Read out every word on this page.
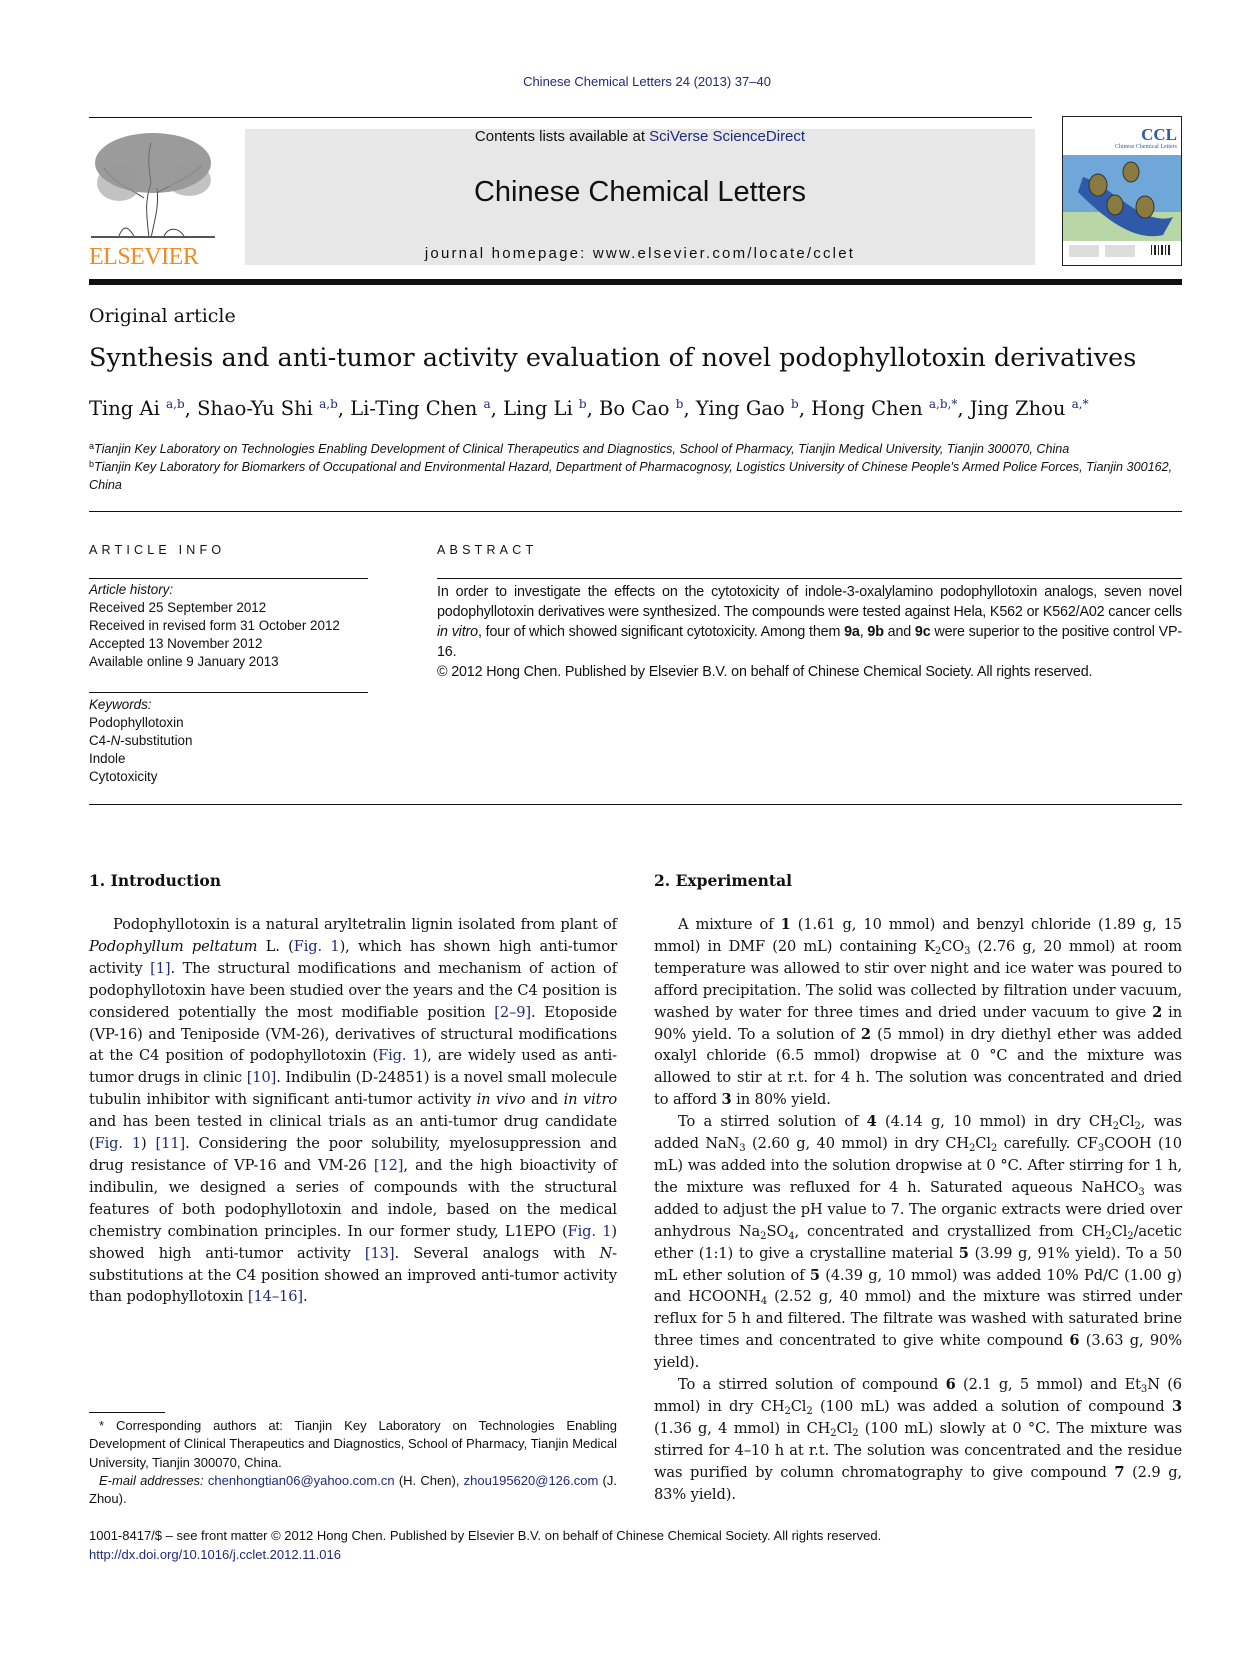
Chinese Chemical Letters 24 (2013) 37–40
ELSEVIER
Contents lists available at SciVerse ScienceDirect
Chinese Chemical Letters
journal homepage: www.elsevier.com/locate/cclet
CCL
Chinese Chemical Letters
Original article
Synthesis and anti-tumor activity evaluation of novel podophyllotoxin derivatives
Ting Ai $^{a,b}$, Shao-Yu Shi $^{a,b}$, Li-Ting Chen $^a$, Ling Li $^b$, Bo Cao $^b$, Ying Gao $^b$, Hong Chen $^{a,b,*}$, Jing Zhou $^{a,*}$
$^a$Tianjin Key Laboratory on Technologies Enabling Development of Clinical Therapeutics and Diagnostics, School of Pharmacy, Tianjin Medical University, Tianjin 300070, China
$^b$Tianjin Key Laboratory for Biomarkers of Occupational and Environmental Hazard, Department of Pharmacognosy, Logistics University of Chinese People's Armed Police Forces, Tianjin 300162, China
ARTICLE INFO	ABSTRACT
Article history:
Received 25 September 2012
Received in revised form 31 October 2012
Accepted 13 November 2012
Available online 9 January 2013
Keywords:
Podophyllotoxin
C4-N-substitution
Indole
Cytotoxicity
In order to investigate the effects on the cytotoxicity of indole-3-oxalylamino podophyllotoxin analogs, seven novel podophyllotoxin derivatives were synthesized. The compounds were tested against Hela, K562 or K562/A02 cancer cells in vitro, four of which showed significant cytotoxicity. Among them 9a, 9b and 9c were superior to the positive control VP-16.
© 2012 Hong Chen. Published by Elsevier B.V. on behalf of Chinese Chemical Society. All rights reserved.
1. Introduction	2. Experimental

Podophyllotoxin is a natural aryltetralin lignin isolated from plant of Podophyllum peltatum L. (Fig. 1), which has shown high anti-tumor activity [1]. The structural modifications and mechanism of action of podophyllotoxin have been studied over the years and the C4 position is considered potentially the most modifiable position [2–9]. Etoposide (VP-16) and Teniposide (VM-26), derivatives of structural modifications at the C4 position of podophyllotoxin (Fig. 1), are widely used as anti-tumor drugs in clinic [10]. Indibulin (D-24851) is a novel small molecule tubulin inhibitor with significant anti-tumor activity in vivo and in vitro and has been tested in clinical trials as an anti-tumor drug candidate (Fig. 1) [11]. Considering the poor solubility, myelosuppression and drug resistance of VP-16 and VM-26 [12], and the high bioactivity of indibulin, we designed a series of compounds with the structural features of both podophyllotoxin and indole, based on the medical chemistry combination principles. In our former study, L1EPO (Fig. 1) showed high anti-tumor activity [13]. Several analogs with N-substitutions at the C4 position showed an improved anti-tumor activity than podophyllotoxin [14–16].

A mixture of 1 (1.61 g, 10 mmol) and benzyl chloride (1.89 g, 15 mmol) in DMF (20 mL) containing $K_2CO_3$ (2.76 g, 20 mmol) at room temperature was allowed to stir over night and ice water was poured to afford precipitation. The solid was collected by filtration under vacuum, washed by water for three times and dried under vacuum to give 2 in 90% yield. To a solution of 2 (5 mmol) in dry diethyl ether was added oxalyl chloride (6.5 mmol) dropwise at 0 °C and the mixture was allowed to stir at r.t. for 4 h. The solution was concentrated and dried to afford 3 in 80% yield.

To a stirred solution of 4 (4.14 g, 10 mmol) in dry $CH_2Cl_2$, was added NaN$_3$ (2.60 g, 40 mmol) in dry $CH_2Cl_2$ carefully. $CF_3COOH$ (10 mL) was added into the solution dropwise at 0 °C. After stirring for 1 h, the mixture was refluxed for 4 h. Saturated aqueous NaHCO$_3$ was added to adjust the pH value to 7. The organic extracts were dried over anhydrous $Na_2SO_4$, concentrated and crystallized from $CH_2Cl_2$/acetic ether (1:1) to give a crystalline material 5 (3.99 g, 91% yield). To a 50 mL ether solution of 5 (4.39 g, 10 mmol) was added 10% Pd/C (1.00 g) and $HCOONH_4$ (2.52 g, 40 mmol) and the mixture was stirred under reflux for 5 h and filtered. The filtrate was washed with saturated brine three times and concentrated to give white compound 6 (3.63 g, 90% yield).

To a stirred solution of compound 6 (2.1 g, 5 mmol) and $Et_3N$ (6 mmol) in dry $CH_2Cl_2$ (100 mL) was added a solution of compound 3 (1.36 g, 4 mmol) in $CH_2Cl_2$ (100 mL) slowly at 0 °C. The mixture was stirred for 4–10 h at r.t. The solution was concentrated and the residue was purified by column chromatography to give compound 7 (2.9 g, 83% yield).

* Corresponding authors at: Tianjin Key Laboratory on Technologies Enabling Development of Clinical Therapeutics and Diagnostics, School of Pharmacy, Tianjin Medical University, Tianjin 300070, China.

E-mail addresses: chenhongtian06@yahoo.com.cn (H. Chen), zhou195620@126.com (J. Zhou).

1001-8417/$ – see front matter © 2012 Hong Chen. Published by Elsevier B.V. on behalf of Chinese Chemical Society. All rights reserved.
http://dx.doi.org/10.1016/j.cclet.2012.11.016
